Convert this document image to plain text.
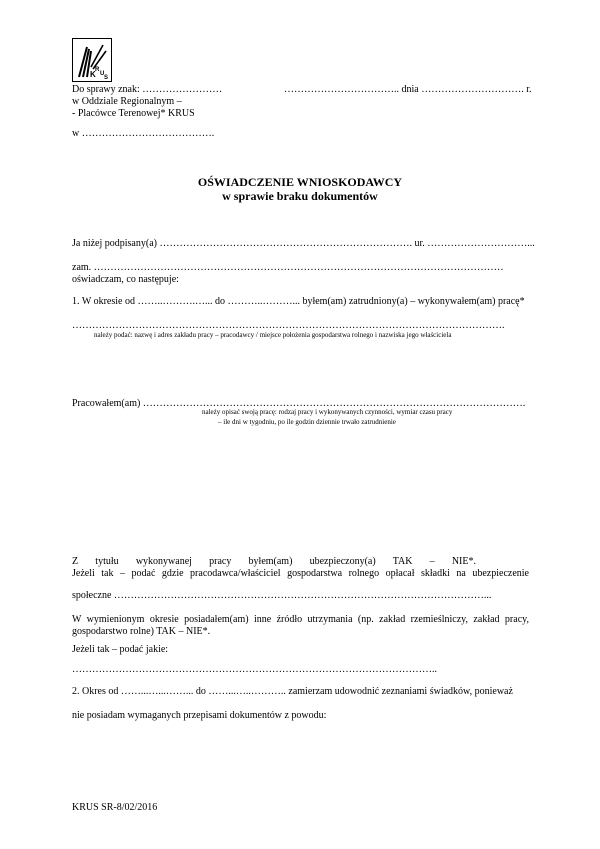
K R
U
S
Do sprawy znak: ……………………	…………………………….. dnia …………………………. r.
w Oddziale Regionalnym –
- Placówce Terenowej* KRUS
w ………………………………….
OŚWIADCZENIE WNIOSKODAWCY
w sprawie braku dokumentów
Ja niżej podpisany(a) …………………………………………………………………. ur. …………………………...
zam. ……………………………………………………………………………………………………………
oświadczam, co następuje:
1. W okresie od ……..……….…... do ………..………... byłem(am) zatrudniony(a) – wykonywałem(am) pracę*
………………………………………………………………………………………………………………….
należy podać: nazwę i adres zakładu pracy – pracodawcy / miejsce położenia gospodarstwa rolnego i nazwiska jego właściciela
Pracowałem(am) …………………………………………………………………………………………………….
należy opisać swoją pracę: rodzaj pracy i wykonywanych czynności, wymiar czasu pracy
– ile dni w tygodniu, po ile godzin dziennie trwało zatrudnienie
Z tytułu wykonywanej pracy byłem(am) ubezpieczony(a) TAK – NIE*.
Jeżeli tak – podać gdzie pracodawca/właściciel gospodarstwa rolnego opłacał składki na ubezpieczenie
społeczne …………………………………………………………………………………………………...
W wymienionym okresie posiadałem(am) inne źródło utrzymania (np. zakład rzemieślniczy, zakład pracy,
gospodarstwo rolne) TAK – NIE*.
Jeżeli tak – podać jakie:
………………………………………………………………………………………………..
2. Okres od ……...…...……... do ……...…..……….. zamierzam udowodnić zeznaniami świadków, ponieważ
nie posiadam wymaganych przepisami dokumentów z powodu:
KRUS SR-8/02/2016
